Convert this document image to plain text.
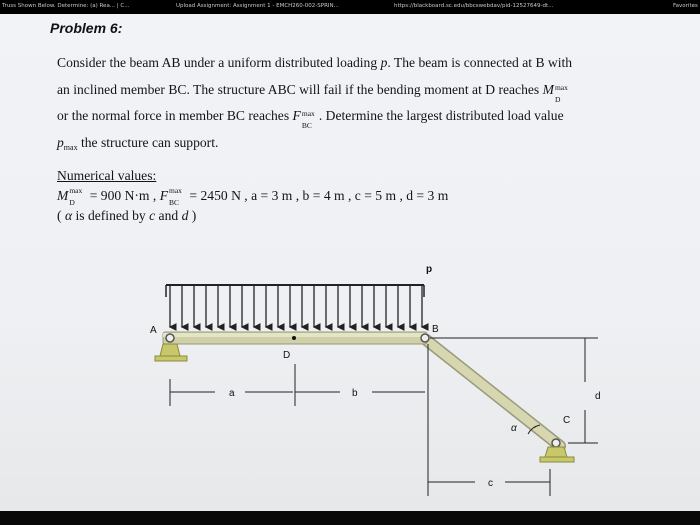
Truss Shown Below. Determine: (a) Rea... | C...	Upload Assignment: Assignment 1 - EMCH260-002-SPRIN...	https://blackboard.sc.edu/bbcswebdav/pid-12527649-dt...	Favorites
Problem 6:
Consider the beam AB under a uniform distributed loading p. The beam is connected at B with
an inclined member BC. The structure ABC will fail if the bending moment at D reaches M max
D
or the normal force in member BC reaches F max
BC
. Determine the largest distributed load value
$p_{max}$ the structure can support.
Numerical values:
M max
D = 900 N·m , F max
BC = 2450 N , a = 3 m , b = 4 m , c = 5 m , d = 3 m
( α is defined by c and d )
p
A	B
D
a	b
c
d
C
α
